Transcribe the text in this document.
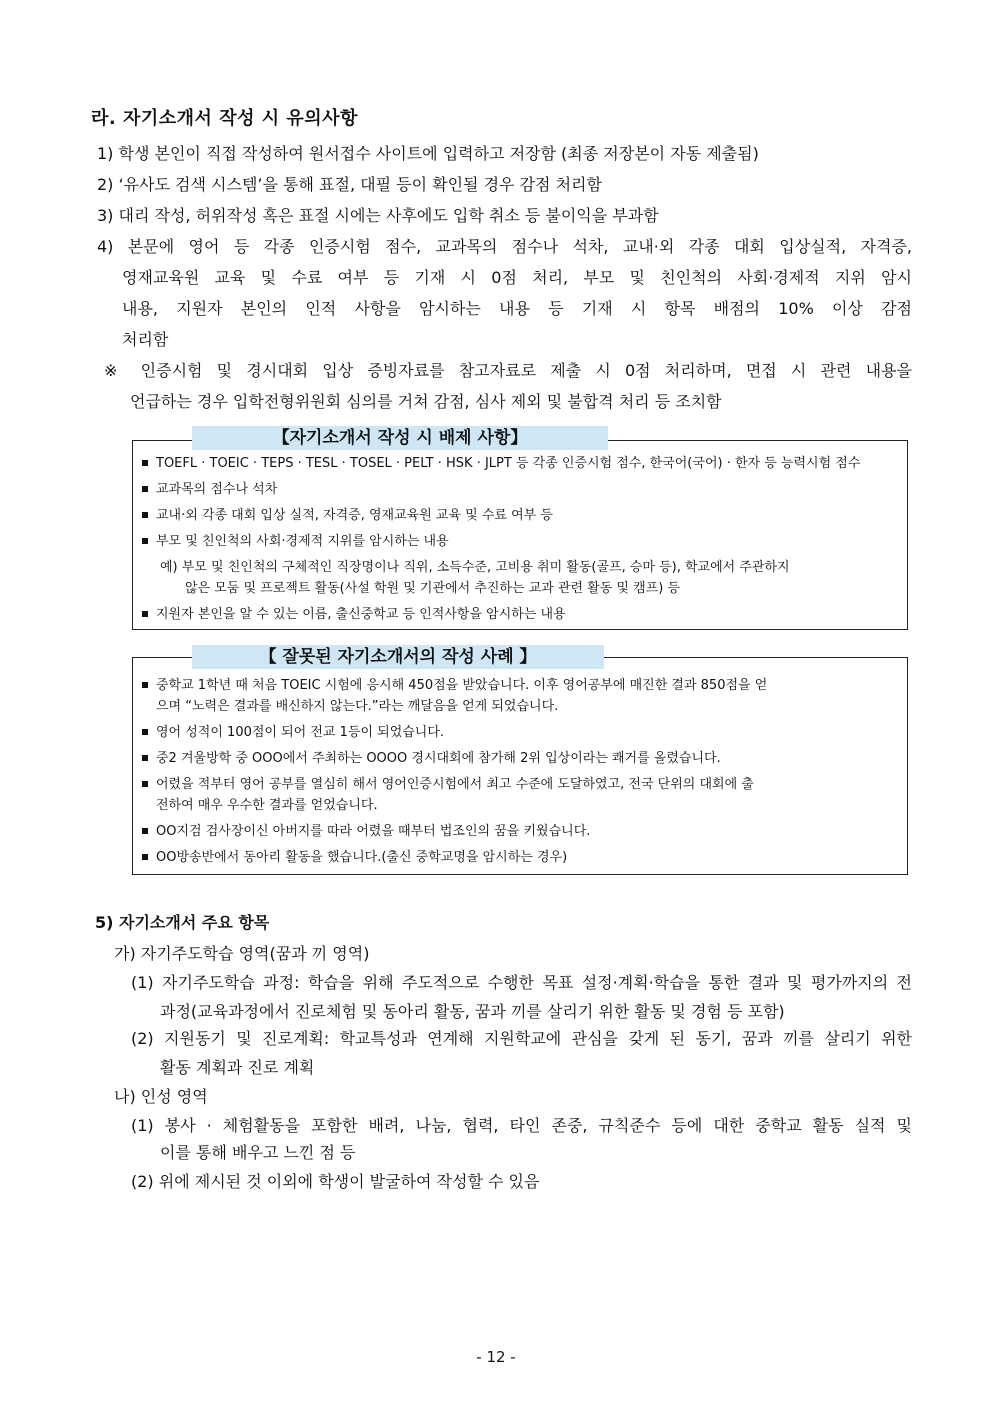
라. 자기소개서 작성 시 유의사항
1) 학생 본인이 직접 작성하여 원서접수 사이트에 입력하고 저장함 (최종 저장본이 자동 제출됨)
2) ‘유사도 검색 시스템’을 통해 표절, 대필 등이 확인될 경우 감점 처리함
3) 대리 작성, 허위작성 혹은 표절 시에는 사후에도 입학 취소 등 불이익을 부과함
4) 본문에 영어 등 각종 인증시험 점수, 교과목의 점수나 석차, 교내·외 각종 대회 입상실적, 자격증,
영재교육원 교육 및 수료 여부 등 기재 시 0점 처리, 부모 및 친인척의 사회·경제적 지위 암시
내용, 지원자 본인의 인적 사항을 암시하는 내용 등 기재 시 항목 배점의 10% 이상 감점
처리함
※ 인증시험 및 경시대회 입상 증빙자료를 참고자료로 제출 시 0점 처리하며, 면접 시 관련 내용을
언급하는 경우 입학전형위원회 심의를 거쳐 감점, 심사 제외 및 불합격 처리 등 조치함
【자기소개서 작성 시 배제 사항】
TOEFL · TOEIC · TEPS · TESL · TOSEL · PELT · HSK · JLPT 등 각종 인증시험 점수, 한국어(국어) · 한자 등 능력시험 점수
교과목의 점수나 석차
교내·외 각종 대회 입상 실적, 자격증, 영재교육원 교육 및 수료 여부 등
부모 및 친인척의 사회·경제적 지위를 암시하는 내용
예) 부모 및 친인척의 구체적인 직장명이나 직위, 소득수준, 고비용 취미 활동(골프, 승마 등), 학교에서 주관하지
않은 모둠 및 프로젝트 활동(사설 학원 및 기관에서 추진하는 교과 관련 활동 및 캠프) 등
지원자 본인을 알 수 있는 이름, 출신중학교 등 인적사항을 암시하는 내용
【 잘못된 자기소개서의 작성 사례 】
중학교 1학년 때 처음 TOEIC 시험에 응시해 450점을 받았습니다. 이후 영어공부에 매진한 결과 850점을 얻
으며 “노력은 결과를 배신하지 않는다.”라는 깨달음을 얻게 되었습니다.
영어 성적이 100점이 되어 전교 1등이 되었습니다.
중2 겨울방학 중 OOO에서 주최하는 OOOO 경시대회에 참가해 2위 입상이라는 쾌거를 올렸습니다.
어렸을 적부터 영어 공부를 열심히 해서 영어인증시험에서 최고 수준에 도달하였고, 전국 단위의 대회에 출
전하여 매우 우수한 결과를 얻었습니다.
OO지검 검사장이신 아버지를 따라 어렸을 때부터 법조인의 꿈을 키웠습니다.
OO방송반에서 동아리 활동을 했습니다.(출신 중학교명을 암시하는 경우)
5) 자기소개서 주요 항목
가) 자기주도학습 영역(꿈과 끼 영역)
(1) 자기주도학습 과정: 학습을 위해 주도적으로 수행한 목표 설정·계획·학습을 통한 결과 및 평가까지의 전
과정(교육과정에서 진로체험 및 동아리 활동, 꿈과 끼를 살리기 위한 활동 및 경험 등 포함)
(2) 지원동기 및 진로계획: 학교특성과 연계해 지원학교에 관심을 갖게 된 동기, 꿈과 끼를 살리기 위한
활동 계획과 진로 계획
나) 인성 영역
(1) 봉사 · 체험활동을 포함한 배려, 나눔, 협력, 타인 존중, 규칙준수 등에 대한 중학교 활동 실적 및
이를 통해 배우고 느낀 점 등
(2) 위에 제시된 것 이외에 학생이 발굴하여 작성할 수 있음
- 12 -
